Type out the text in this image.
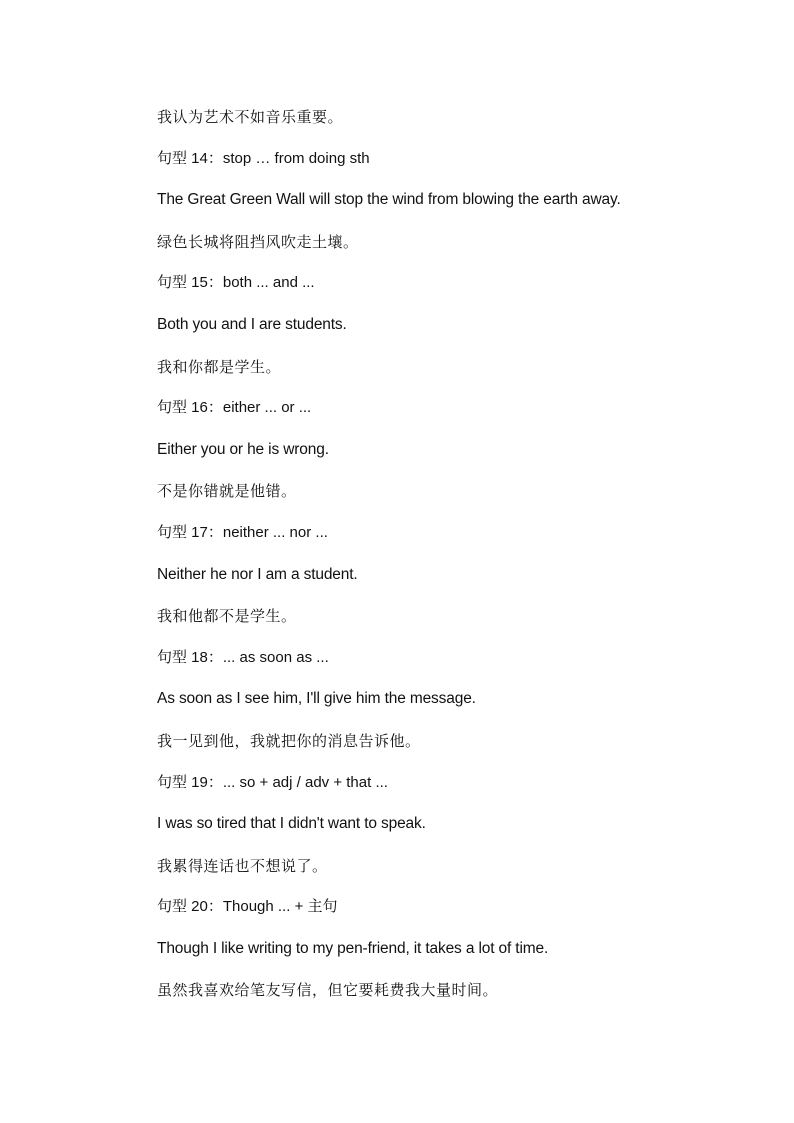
我认为艺术不如音乐重要。
句型 14：stop … from doing sth
The Great Green Wall will stop the wind from blowing the earth away.
绿色长城将阻挡风吹走土壤。
句型 15：both ... and ...
Both you and I are students.
我和你都是学生。
句型 16：either ... or ...
Either you or he is wrong.
不是你错就是他错。
句型 17：neither ... nor ...
Neither he nor I am a student.
我和他都不是学生。
句型 18：... as soon as ...
As soon as I see him, I'll give him the message.
我一见到他，我就把你的消息告诉他。
句型 19：... so + adj / adv + that ...
I was so tired that I didn't want to speak.
我累得连话也不想说了。
句型 20：Though ... + 主句
Though I like writing to my pen-friend, it takes a lot of time.
虽然我喜欢给笔友写信，但它要耗费我大量时间。
